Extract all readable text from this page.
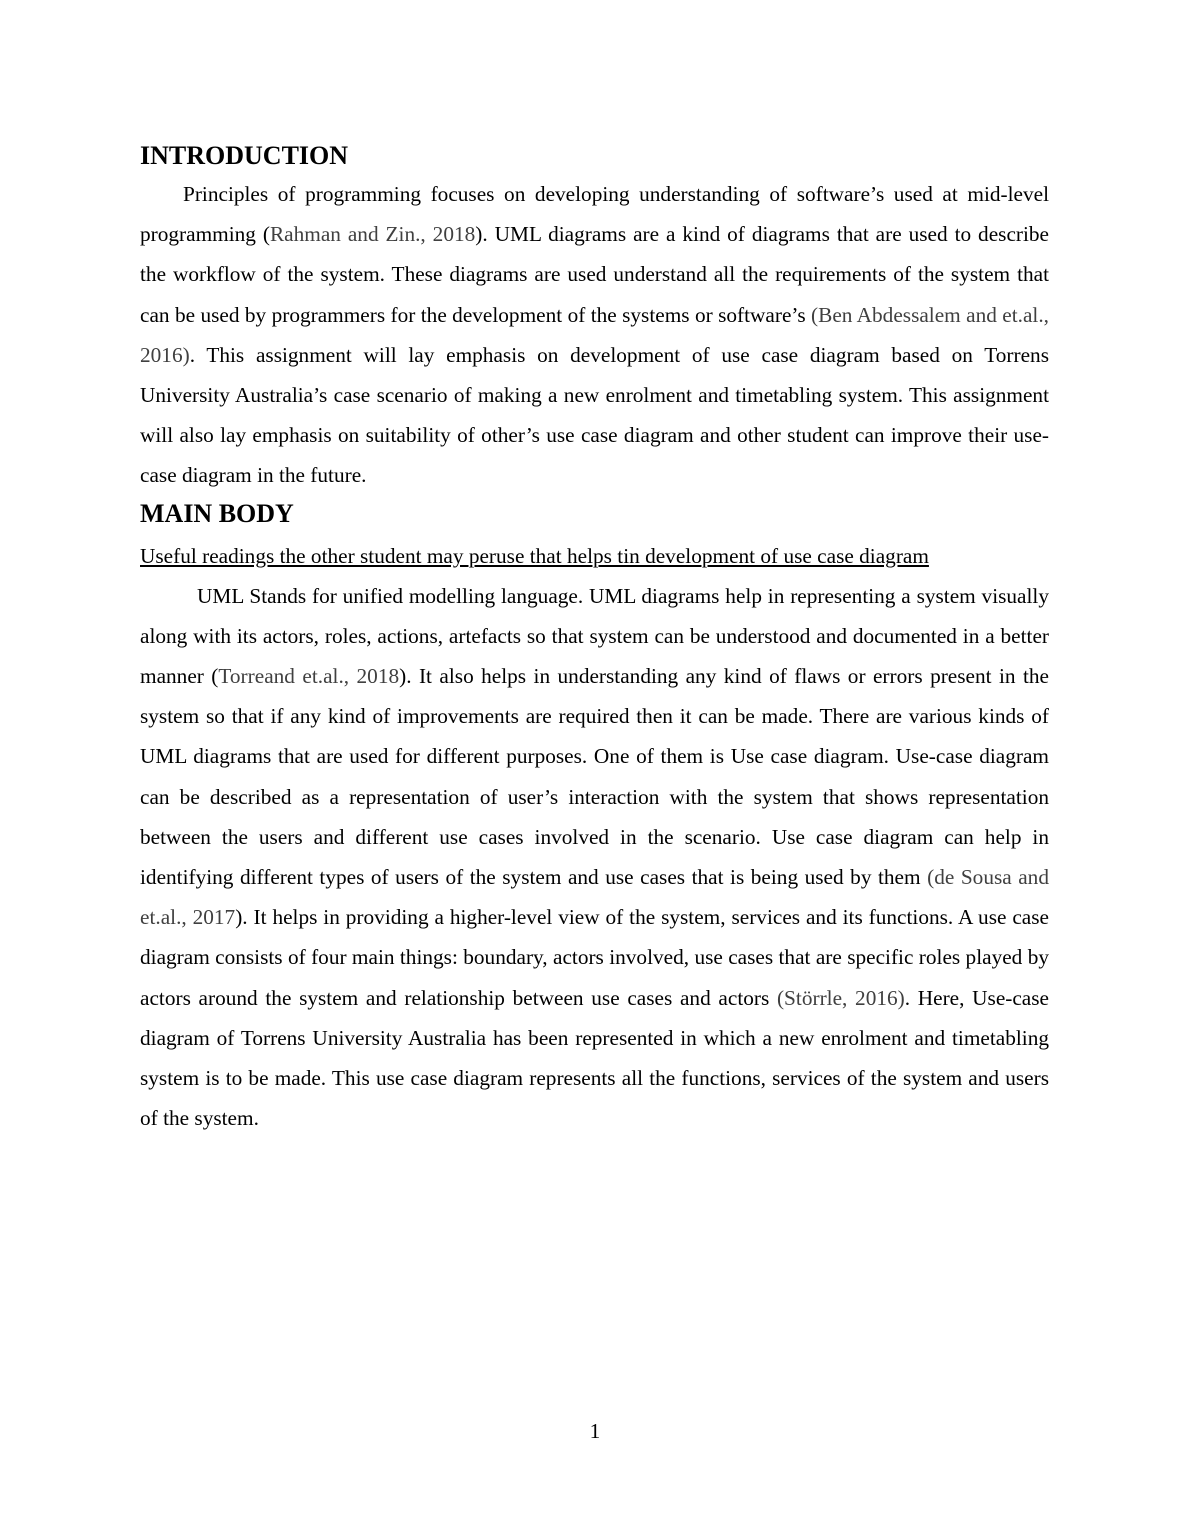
INTRODUCTION

Principles of programming focuses on developing understanding of software’s used at mid-level programming (Rahman and Zin., 2018). UML diagrams are a kind of diagrams that are used to describe the workflow of the system. These diagrams are used understand all the requirements of the system that can be used by programmers for the development of the systems or software’s (Ben Abdessalem and et.al., 2016). This assignment will lay emphasis on development of use case diagram based on Torrens University Australia’s case scenario of making a new enrolment and timetabling system. This assignment will also lay emphasis on suitability of other’s use case diagram and other student can improve their use-case diagram in the future.

MAIN BODY

Useful readings the other student may peruse that helps tin development of use case diagram

UML Stands for unified modelling language. UML diagrams help in representing a system visually along with its actors, roles, actions, artefacts so that system can be understood and documented in a better manner (Torreand et.al., 2018). It also helps in understanding any kind of flaws or errors present in the system so that if any kind of improvements are required then it can be made. There are various kinds of UML diagrams that are used for different purposes. One of them is Use case diagram. Use-case diagram can be described as a representation of user’s interaction with the system that shows representation between the users and different use cases involved in the scenario. Use case diagram can help in identifying different types of users of the system and use cases that is being used by them (de Sousa and et.al., 2017). It helps in providing a higher-level view of the system, services and its functions. A use case diagram consists of four main things: boundary, actors involved, use cases that are specific roles played by actors around the system and relationship between use cases and actors (Störrle, 2016). Here, Use-case diagram of Torrens University Australia has been represented in which a new enrolment and timetabling system is to be made. This use case diagram represents all the functions, services of the system and users of the system.

1
